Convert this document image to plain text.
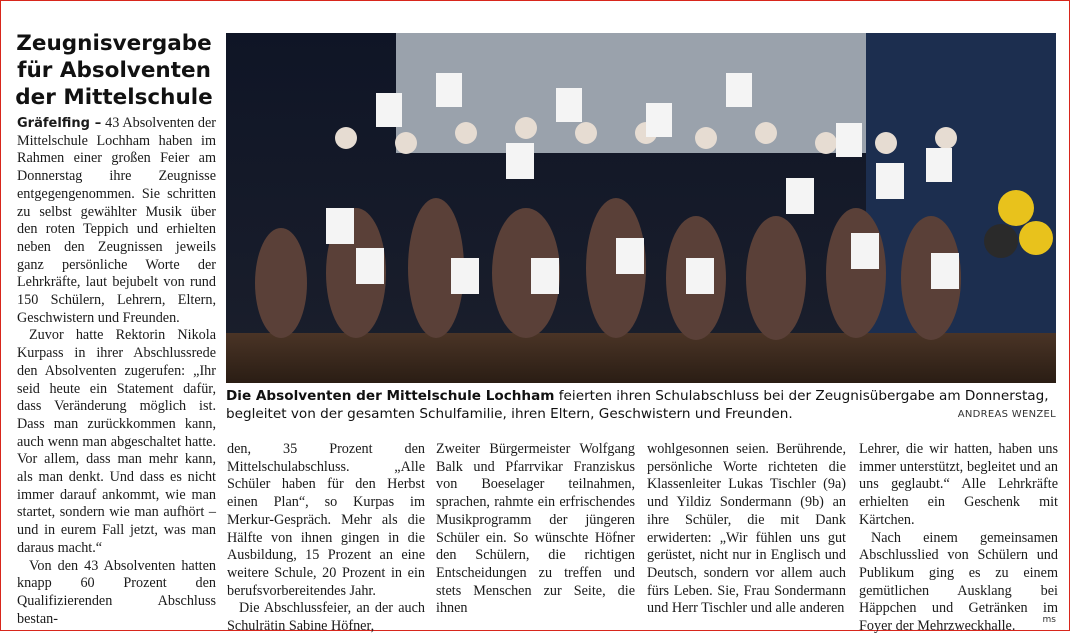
Zeugnisvergabe für Absolventen der Mittelschule

Gräfelfing – 43 Absolventen der Mittelschule Lochham haben im Rahmen einer großen Feier am Donnerstag ihre Zeugnisse entgegengenommen. Sie schritten zu selbst gewählter Musik über den roten Teppich und erhielten neben den Zeugnissen jeweils ganz persönliche Worte der Lehrkräfte, laut bejubelt von rund 150 Schülern, Lehrern, Eltern, Geschwistern und Freunden.

Zuvor hatte Rektorin Nikola Kurpass in ihrer Abschlussrede den Absolventen zugerufen: „Ihr seid heute ein Statement dafür, dass Veränderung möglich ist. Dass man zurückkommen kann, auch wenn man abgeschaltet hatte. Vor allem, dass man mehr kann, als man denkt. Und dass es nicht immer darauf ankommt, wie man startet, sondern wie man aufhört – und in eurem Fall jetzt, was man daraus macht.“

Von den 43 Absolventen hatten knapp 60 Prozent den Qualifizierenden Abschluss bestan-

Die Absolventen der Mittelschule Lochham feierten ihren Schulabschluss bei der Zeugnisübergabe am Donnerstag, begleitet von der gesamten Schulfamilie, ihren Eltern, Geschwistern und Freunden.	ANDREAS WENZEL

den, 35 Prozent den Mittelschulabschluss. „Alle Schüler haben für den Herbst einen Plan“, so Kurpas im Merkur-Gespräch. Mehr als die Hälfte von ihnen gingen in die Ausbildung, 15 Prozent an eine weitere Schule, 20 Prozent in ein berufsvorbereitendes Jahr.

Die Abschlussfeier, an der auch Schulrätin Sabine Höfner,

Zweiter Bürgermeister Wolfgang Balk und Pfarrvikar Franziskus von Boeselager teilnahmen, sprachen, rahmte ein erfrischendes Musikprogramm der jüngeren Schüler ein. So wünschte Höfner den Schülern, die richtigen Entscheidungen zu treffen und stets Menschen zur Seite, die ihnen

wohlgesonnen seien. Berührende, persönliche Worte richteten die Klassenleiter Lukas Tischler (9a) und Yildiz Sondermann (9b) an ihre Schüler, die mit Dank erwiderten: „Wir fühlen uns gut gerüstet, nicht nur in Englisch und Deutsch, sondern vor allem auch fürs Leben. Sie, Frau Sondermann und Herr Tischler und alle anderen

Lehrer, die wir hatten, haben uns immer unterstützt, begleitet und an uns geglaubt.“ Alle Lehrkräfte erhielten ein Geschenk mit Kärtchen.

Nach einem gemeinsamen Abschlusslied von Schülern und Publikum ging es zu einem gemütlichen Ausklang bei Häppchen und Getränken im Foyer der Mehrzweckhalle.	ms
